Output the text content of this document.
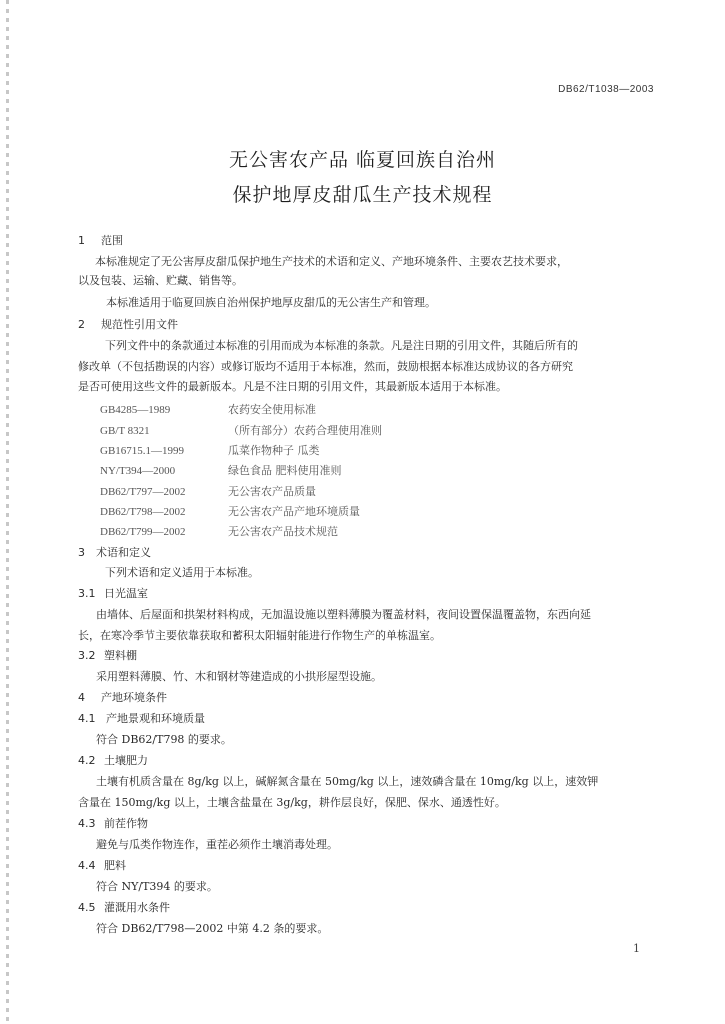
DB62/T1038—2003
无公害农产品 临夏回族自治州
保护地厚皮甜瓜生产技术规程
1 范围
本标准规定了无公害厚皮甜瓜保护地生产技术的术语和定义、产地环境条件、主要农艺技术要求，
以及包装、运输、贮藏、销售等。
本标准适用于临夏回族自治州保护地厚皮甜瓜的无公害生产和管理。
2 规范性引用文件
下列文件中的条款通过本标准的引用而成为本标准的条款。凡是注日期的引用文件，其随后所有的
修改单（不包括勘误的内容）或修订版均不适用于本标准，然而，鼓励根据本标准达成协议的各方研究
是否可使用这些文件的最新版本。凡是不注日期的引用文件，其最新版本适用于本标准。
GB4285—1989	农药安全使用标准
GB/T 8321	（所有部分）农药合理使用准则
GB16715.1—1999	瓜菜作物种子 瓜类
NY/T394—2000	绿色食品 肥料使用准则
DB62/T797—2002	无公害农产品质量
DB62/T798—2002	无公害农产品产地环境质量
DB62/T799—2002	无公害农产品技术规范
3 术语和定义
下列术语和定义适用于本标准。
3.1 日光温室
由墙体、后屋面和拱架材料构成，无加温设施以塑料薄膜为覆盖材料，夜间设置保温覆盖物，东西向延
长，在寒冷季节主要依靠获取和蓄积太阳辐射能进行作物生产的单栋温室。
3.2 塑料棚
采用塑料薄膜、竹、木和钢材等建造成的小拱形屋型设施。
4 产地环境条件
4.1 产地景观和环境质量
符合 DB62/T798 的要求。
4.2 土壤肥力
土壤有机质含量在 8g/kg 以上，碱解氮含量在 50mg/kg 以上，速效磷含量在 10mg/kg 以上，速效钾
含量在 150mg/kg 以上，土壤含盐量在 3g/kg，耕作层良好，保肥、保水、通透性好。
4.3 前茬作物
避免与瓜类作物连作，重茬必须作土壤消毒处理。
4.4 肥料
符合 NY/T394 的要求。
4.5 灌溉用水条件
符合 DB62/T798—2002 中第 4.2 条的要求。
1
